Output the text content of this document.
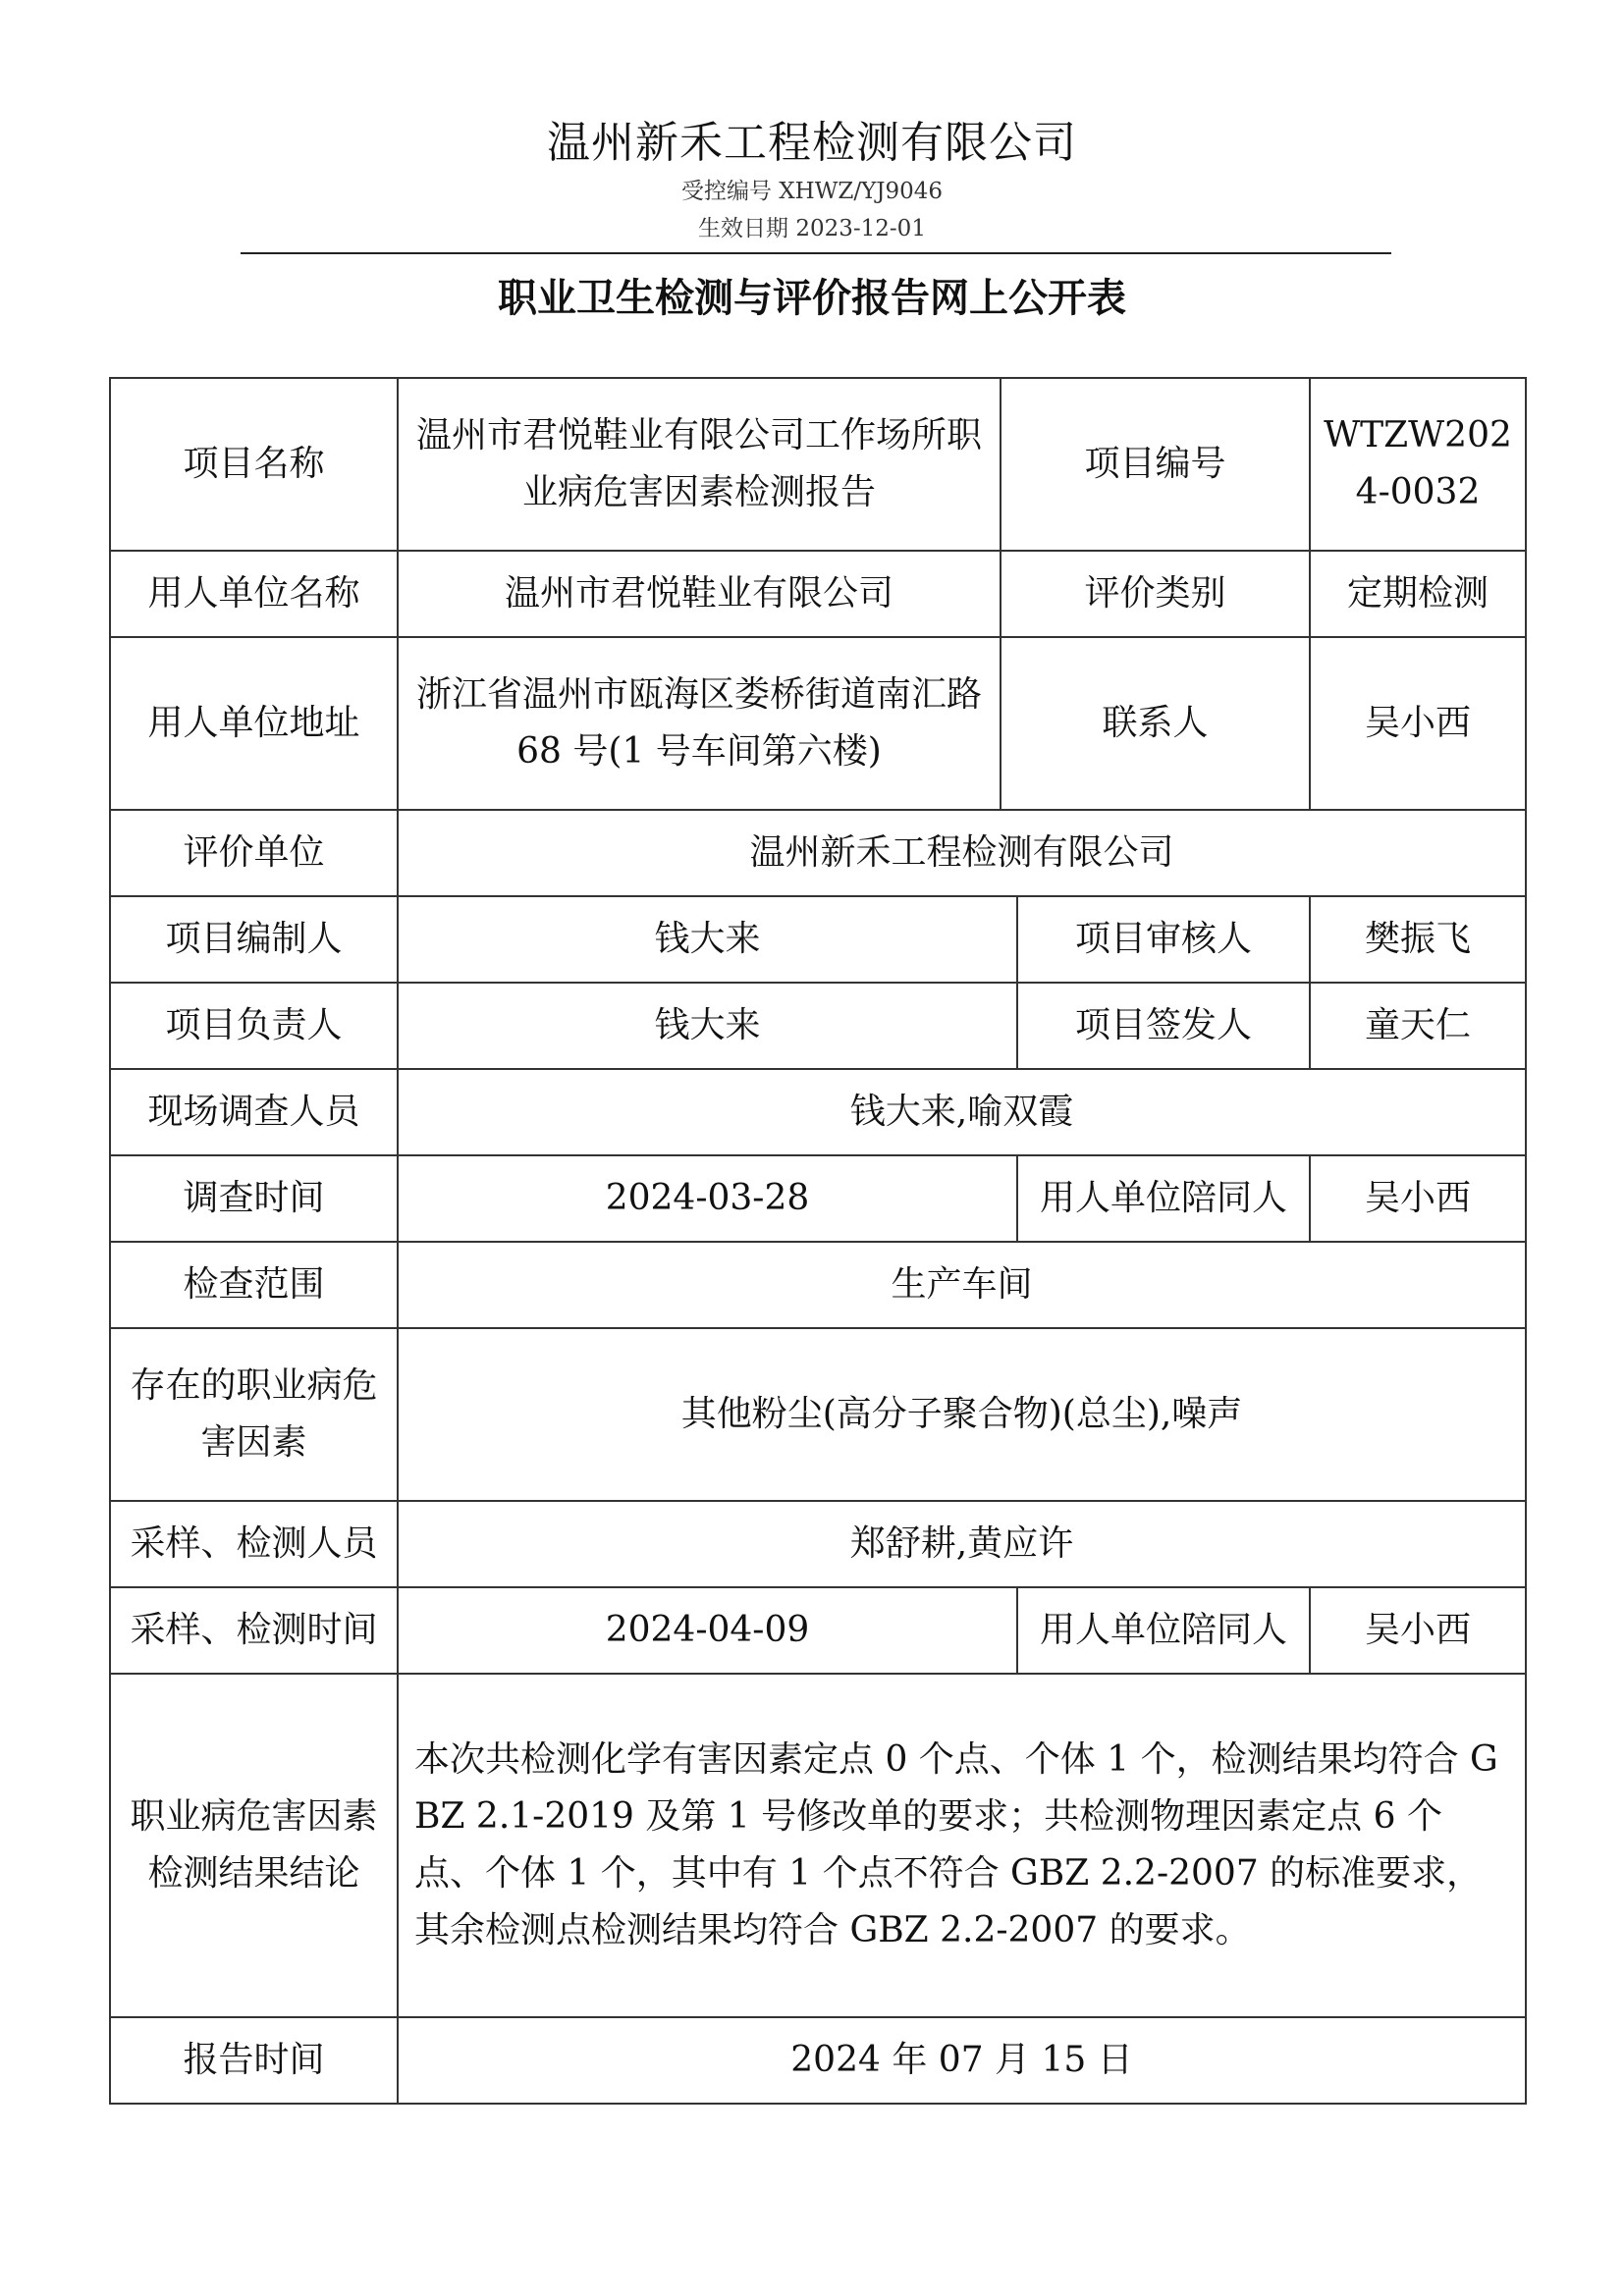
温州新禾工程检测有限公司
受控编号 XHWZ/YJ9046
生效日期 2023-12-01
职业卫生检测与评价报告网上公开表
项目名称	温州市君悦鞋业有限公司工作场所职业病危害因素检测报告	项目编号		WTZW2024-0032
用人单位名称	温州市君悦鞋业有限公司	评价类别		定期检测
用人单位地址	浙江省温州市瓯海区娄桥街道南汇路 68 号(1 号车间第六楼)	联系人		吴小西
评价单位	温州新禾工程检测有限公司			
项目编制人	钱大来		项目审核人	樊振飞
项目负责人	钱大来		项目签发人	童天仁
现场调查人员	钱大来,喻双霞			
调查时间	2024-03-28		用人单位陪同人	吴小西
检查范围	生产车间			
存在的职业病危害因素	其他粉尘(高分子聚合物)(总尘),噪声			
采样、检测人员	郑舒耕,黄应许			
采样、检测时间	2024-04-09		用人单位陪同人	吴小西
职业病危害因素检测结果结论	本次共检测化学有害因素定点 0 个点、个体 1 个，检测结果均符合 GBZ 2.1-2019 及第 1 号修改单的要求；共检测物理因素定点 6 个点、个体 1 个，其中有 1 个点不符合 GBZ 2.2-2007 的标准要求，其余检测点检测结果均符合 GBZ 2.2-2007 的要求。			
报告时间	2024 年 07 月 15 日			
